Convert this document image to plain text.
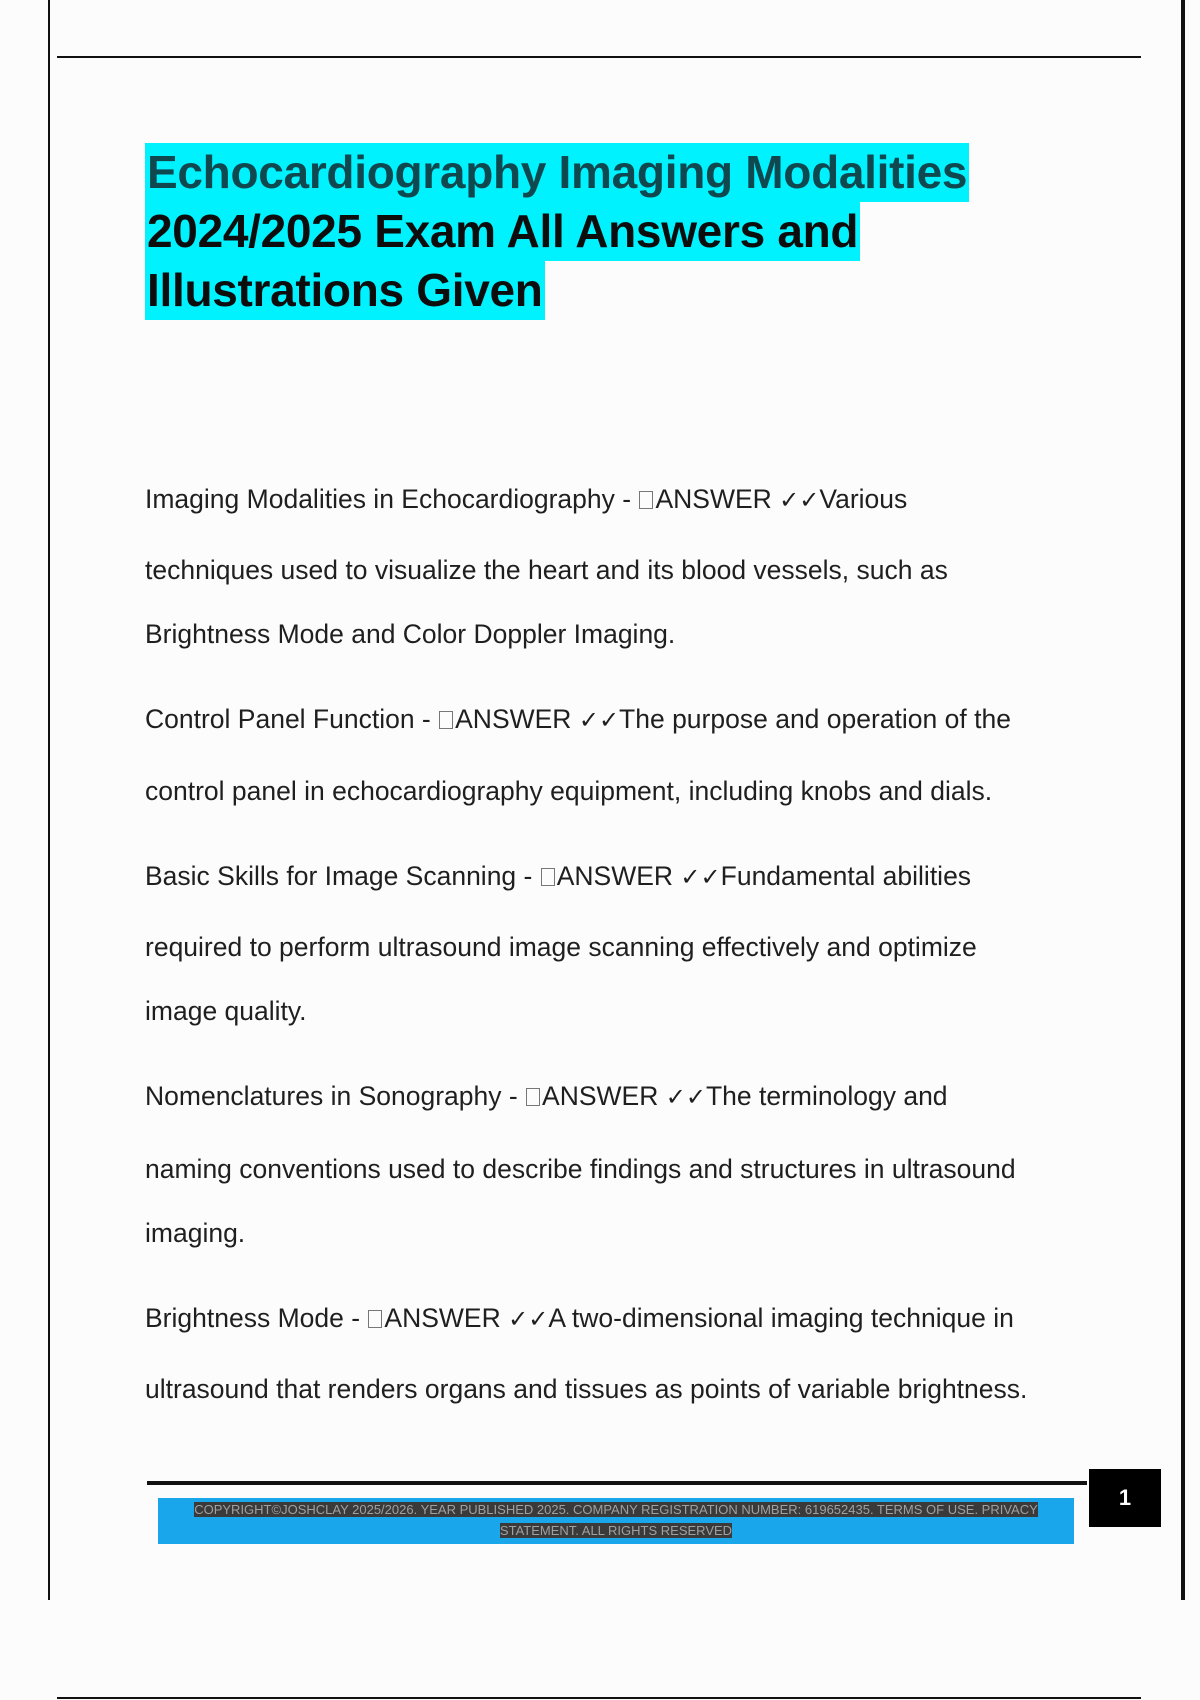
Echocardiography Imaging Modalities
2024/2025 Exam All Answers and
Illustrations Given
Imaging Modalities in Echocardiography - ANSWER ✓✓Various
techniques used to visualize the heart and its blood vessels, such as
Brightness Mode and Color Doppler Imaging.
Control Panel Function - ANSWER ✓✓The purpose and operation of the
control panel in echocardiography equipment, including knobs and dials.
Basic Skills for Image Scanning - ANSWER ✓✓Fundamental abilities
required to perform ultrasound image scanning effectively and optimize
image quality.
Nomenclatures in Sonography - ANSWER ✓✓The terminology and
naming conventions used to describe findings and structures in ultrasound
imaging.
Brightness Mode - ANSWER ✓✓A two-dimensional imaging technique in
ultrasound that renders organs and tissues as points of variable brightness.
COPYRIGHT©JOSHCLAY 2025/2026. YEAR PUBLISHED 2025. COMPANY REGISTRATION NUMBER: 619652435. TERMS OF USE. PRIVACY
STATEMENT. ALL RIGHTS RESERVED
1
